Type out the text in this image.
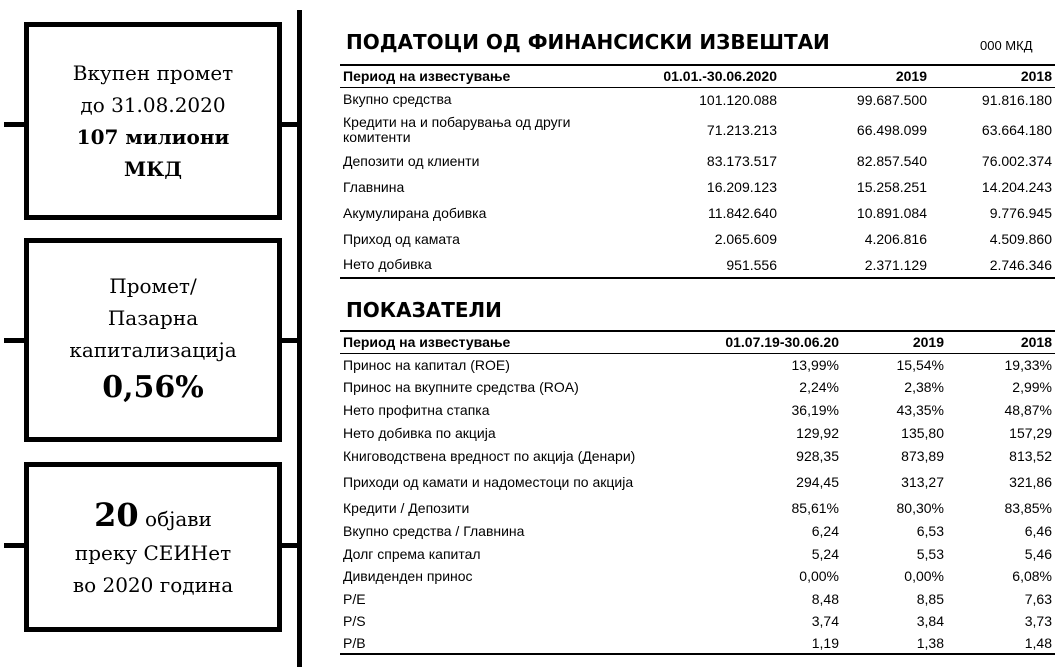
Вкупен промет
до 31.08.2020
107 милиони
МКД
Промет/
Пазарна
капитализација
0,56%
20 објави
преку СЕИНет
во 2020 година
ПОДАТОЦИ ОД ФИНАНСИСКИ ИЗВЕШТАИ	000 МКД
Период на известување	01.01.-30.06.2020	2019	2018
Вкупно средства	101.120.088	99.687.500	91.816.180
Кредити на и побарувања од други комитенти	71.213.213	66.498.099	63.664.180
Депозити од клиенти	83.173.517	82.857.540	76.002.374
Главнина	16.209.123	15.258.251	14.204.243
Акумулирана добивка	11.842.640	10.891.084	9.776.945
Приход од камата	2.065.609	4.206.816	4.509.860
Нето добивка	951.556	2.371.129	2.746.346
ПОКАЗАТЕЛИ
Период на известување	01.07.19-30.06.20	2019	2018
Принос на капитал (ROE)	13,99%	15,54%	19,33%
Принос на вкупните средства (ROA)	2,24%	2,38%	2,99%
Нето профитна стапка	36,19%	43,35%	48,87%
Нето добивка по акција	129,92	135,80	157,29
Книговодствена вредност по акција (Денари)	928,35	873,89	813,52
Приходи од камати и надоместоци по акција	294,45	313,27	321,86
Кредити / Депозити	85,61%	80,30%	83,85%
Вкупно средства / Главнина	6,24	6,53	6,46
Долг спрема капитал	5,24	5,53	5,46
Дивиденден принос	0,00%	0,00%	6,08%
P/E	8,48	8,85	7,63
P/S	3,74	3,84	3,73
P/B	1,19	1,38	1,48
